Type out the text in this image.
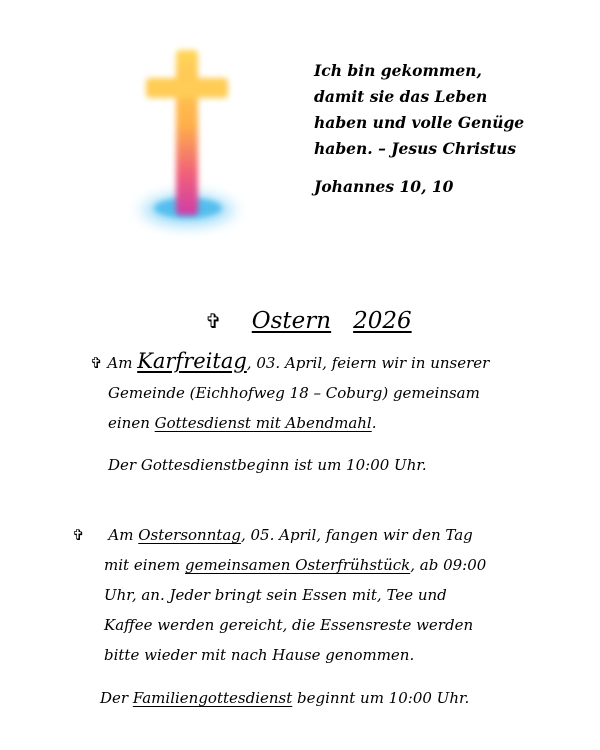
Ich bin gekommen,
damit sie das Leben
haben und volle Genüge
haben. – Jesus Christus
Johannes 10, 10
✞ Ostern 2026
✞ Am Karfreitag, 03. April, feiern wir in unserer
Gemeinde (Eichhofweg 18 – Coburg) gemeinsam
einen Gottesdienst mit Abendmahl.
Der Gottesdienstbeginn ist um 10:00 Uhr.
✞ Am Ostersonntag, 05. April, fangen wir den Tag
mit einem gemeinsamen Osterfrühstück, ab 09:00
Uhr, an. Jeder bringt sein Essen mit, Tee und
Kaffee werden gereicht, die Essensreste werden
bitte wieder mit nach Hause genommen.
Der Familiengottesdienst beginnt um 10:00 Uhr.
